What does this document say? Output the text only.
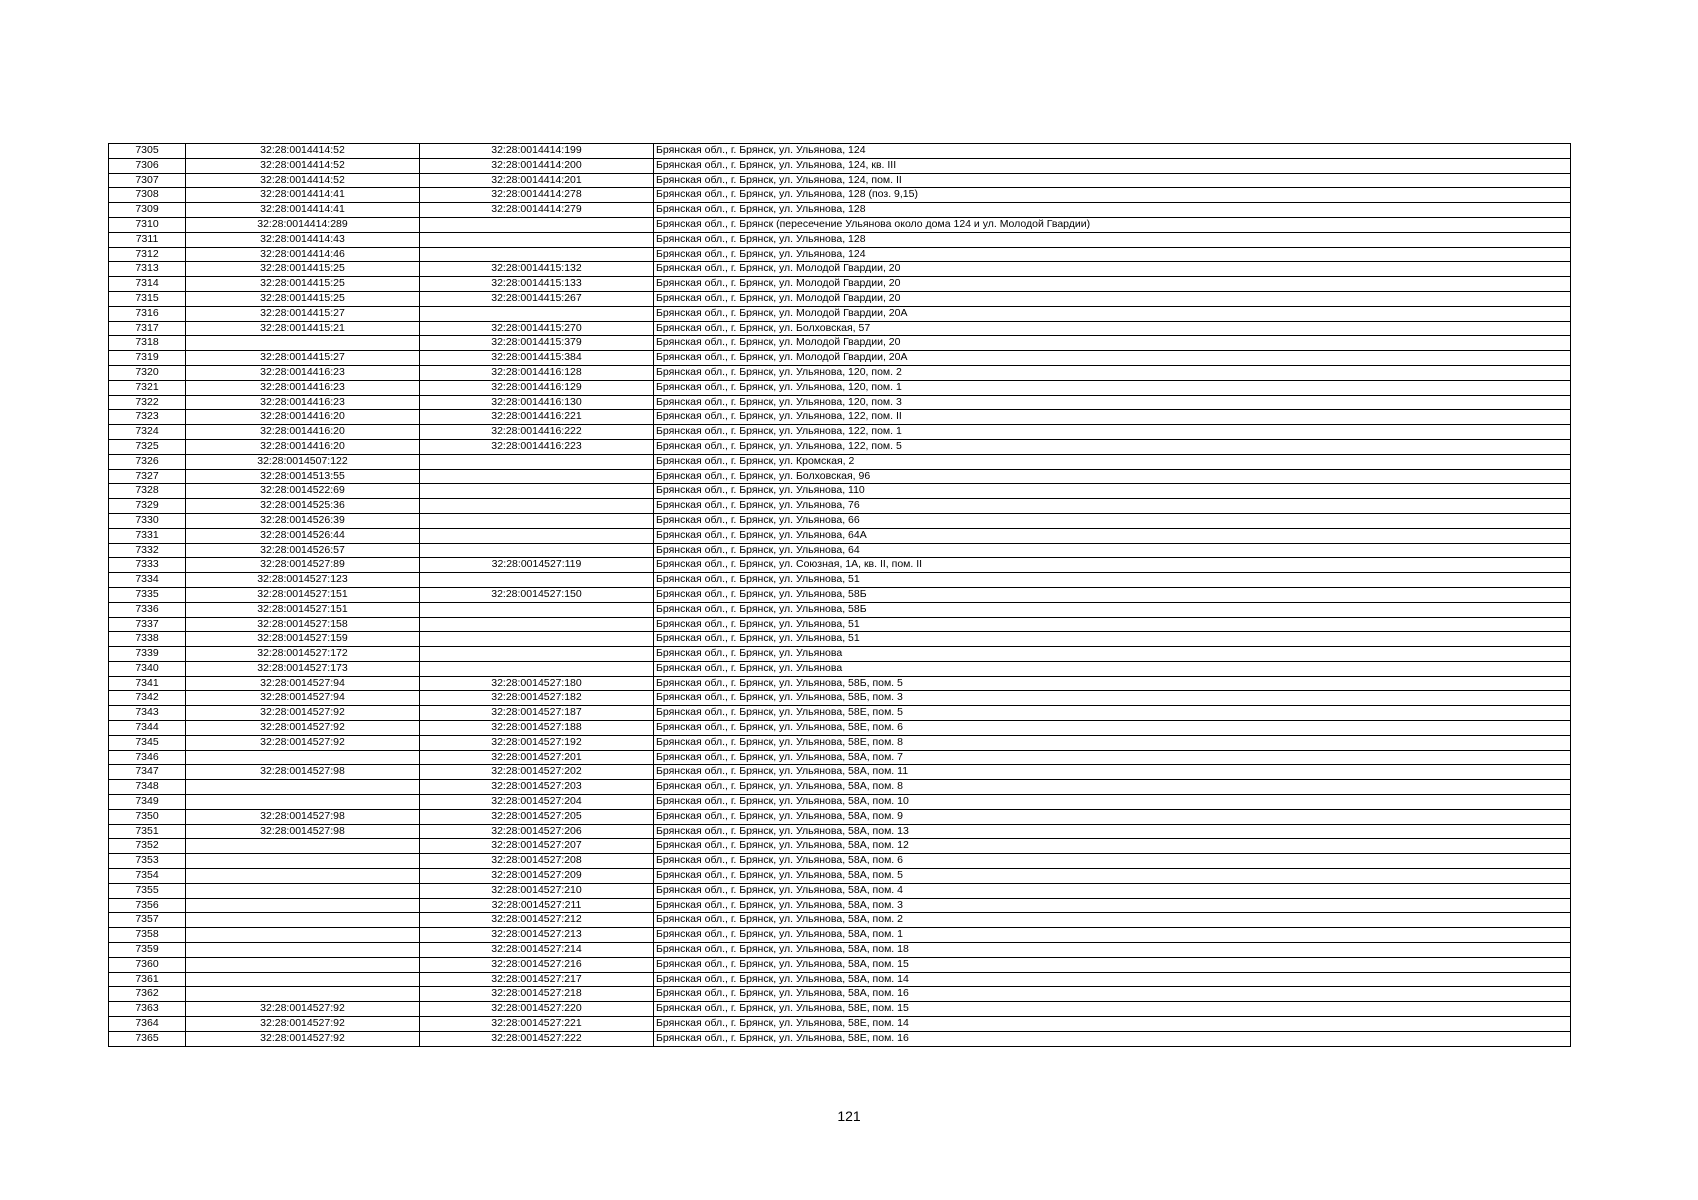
7305	32:28:0014414:52	32:28:0014414:199	Брянская обл., г. Брянск, ул. Ульянова, 124
7306	32:28:0014414:52	32:28:0014414:200	Брянская обл., г. Брянск, ул. Ульянова, 124, кв. III
7307	32:28:0014414:52	32:28:0014414:201	Брянская обл., г. Брянск, ул. Ульянова, 124, пом. II
7308	32:28:0014414:41	32:28:0014414:278	Брянская обл., г. Брянск, ул. Ульянова, 128 (поз. 9,15)
7309	32:28:0014414:41	32:28:0014414:279	Брянская обл., г. Брянск, ул. Ульянова, 128
7310	32:28:0014414:289		Брянская обл., г. Брянск (пересечение Ульянова около дома 124 и ул. Молодой Гвардии)
7311	32:28:0014414:43		Брянская обл., г. Брянск, ул. Ульянова, 128
7312	32:28:0014414:46		Брянская обл., г. Брянск, ул. Ульянова, 124
7313	32:28:0014415:25	32:28:0014415:132	Брянская обл., г. Брянск, ул. Молодой Гвардии, 20
7314	32:28:0014415:25	32:28:0014415:133	Брянская обл., г. Брянск, ул. Молодой Гвардии, 20
7315	32:28:0014415:25	32:28:0014415:267	Брянская обл., г. Брянск, ул. Молодой Гвардии, 20
7316	32:28:0014415:27		Брянская обл., г. Брянск, ул. Молодой Гвардии, 20А
7317	32:28:0014415:21	32:28:0014415:270	Брянская обл., г. Брянск, ул. Болховская, 57
7318		32:28:0014415:379	Брянская обл., г. Брянск, ул. Молодой Гвардии, 20
7319	32:28:0014415:27	32:28:0014415:384	Брянская обл., г. Брянск, ул. Молодой Гвардии, 20А
7320	32:28:0014416:23	32:28:0014416:128	Брянская обл., г. Брянск, ул. Ульянова, 120, пом. 2
7321	32:28:0014416:23	32:28:0014416:129	Брянская обл., г. Брянск, ул. Ульянова, 120, пом. 1
7322	32:28:0014416:23	32:28:0014416:130	Брянская обл., г. Брянск, ул. Ульянова, 120, пом. 3
7323	32:28:0014416:20	32:28:0014416:221	Брянская обл., г. Брянск, ул. Ульянова, 122, пом. II
7324	32:28:0014416:20	32:28:0014416:222	Брянская обл., г. Брянск, ул. Ульянова, 122, пом. 1
7325	32:28:0014416:20	32:28:0014416:223	Брянская обл., г. Брянск, ул. Ульянова, 122, пом. 5
7326	32:28:0014507:122		Брянская обл., г. Брянск, ул. Кромская, 2
7327	32:28:0014513:55		Брянская обл., г. Брянск, ул. Болховская, 96
7328	32:28:0014522:69		Брянская обл., г. Брянск, ул. Ульянова, 110
7329	32:28:0014525:36		Брянская обл., г. Брянск, ул. Ульянова, 76
7330	32:28:0014526:39		Брянская обл., г. Брянск, ул. Ульянова, 66
7331	32:28:0014526:44		Брянская обл., г. Брянск, ул. Ульянова, 64А
7332	32:28:0014526:57		Брянская обл., г. Брянск, ул. Ульянова, 64
7333	32:28:0014527:89	32:28:0014527:119	Брянская обл., г. Брянск, ул. Союзная, 1А, кв. II, пом. II
7334	32:28:0014527:123		Брянская обл., г. Брянск, ул. Ульянова, 51
7335	32:28:0014527:151	32:28:0014527:150	Брянская обл., г. Брянск, ул. Ульянова, 58Б
7336	32:28:0014527:151		Брянская обл., г. Брянск, ул. Ульянова, 58Б
7337	32:28:0014527:158		Брянская обл., г. Брянск, ул. Ульянова, 51
7338	32:28:0014527:159		Брянская обл., г. Брянск, ул. Ульянова, 51
7339	32:28:0014527:172		Брянская обл., г. Брянск, ул. Ульянова
7340	32:28:0014527:173		Брянская обл., г. Брянск, ул. Ульянова
7341	32:28:0014527:94	32:28:0014527:180	Брянская обл., г. Брянск, ул. Ульянова, 58Б, пом. 5
7342	32:28:0014527:94	32:28:0014527:182	Брянская обл., г. Брянск, ул. Ульянова, 58Б, пом. 3
7343	32:28:0014527:92	32:28:0014527:187	Брянская обл., г. Брянск, ул. Ульянова, 58Е, пом. 5
7344	32:28:0014527:92	32:28:0014527:188	Брянская обл., г. Брянск, ул. Ульянова, 58Е, пом. 6
7345	32:28:0014527:92	32:28:0014527:192	Брянская обл., г. Брянск, ул. Ульянова, 58Е, пом. 8
7346		32:28:0014527:201	Брянская обл., г. Брянск, ул. Ульянова, 58А, пом. 7
7347	32:28:0014527:98	32:28:0014527:202	Брянская обл., г. Брянск, ул. Ульянова, 58А, пом. 11
7348		32:28:0014527:203	Брянская обл., г. Брянск, ул. Ульянова, 58А, пом. 8
7349		32:28:0014527:204	Брянская обл., г. Брянск, ул. Ульянова, 58А, пом. 10
7350	32:28:0014527:98	32:28:0014527:205	Брянская обл., г. Брянск, ул. Ульянова, 58А, пом. 9
7351	32:28:0014527:98	32:28:0014527:206	Брянская обл., г. Брянск, ул. Ульянова, 58А, пом. 13
7352		32:28:0014527:207	Брянская обл., г. Брянск, ул. Ульянова, 58А, пом. 12
7353		32:28:0014527:208	Брянская обл., г. Брянск, ул. Ульянова, 58А, пом. 6
7354		32:28:0014527:209	Брянская обл., г. Брянск, ул. Ульянова, 58А, пом. 5
7355		32:28:0014527:210	Брянская обл., г. Брянск, ул. Ульянова, 58А, пом. 4
7356		32:28:0014527:211	Брянская обл., г. Брянск, ул. Ульянова, 58А, пом. 3
7357		32:28:0014527:212	Брянская обл., г. Брянск, ул. Ульянова, 58А, пом. 2
7358		32:28:0014527:213	Брянская обл., г. Брянск, ул. Ульянова, 58А, пом. 1
7359		32:28:0014527:214	Брянская обл., г. Брянск, ул. Ульянова, 58А, пом. 18
7360		32:28:0014527:216	Брянская обл., г. Брянск, ул. Ульянова, 58А, пом. 15
7361		32:28:0014527:217	Брянская обл., г. Брянск, ул. Ульянова, 58А, пом. 14
7362		32:28:0014527:218	Брянская обл., г. Брянск, ул. Ульянова, 58А, пом. 16
7363	32:28:0014527:92	32:28:0014527:220	Брянская обл., г. Брянск, ул. Ульянова, 58Е, пом. 15
7364	32:28:0014527:92	32:28:0014527:221	Брянская обл., г. Брянск, ул. Ульянова, 58Е, пом. 14
7365	32:28:0014527:92	32:28:0014527:222	Брянская обл., г. Брянск, ул. Ульянова, 58Е, пом. 16
121
